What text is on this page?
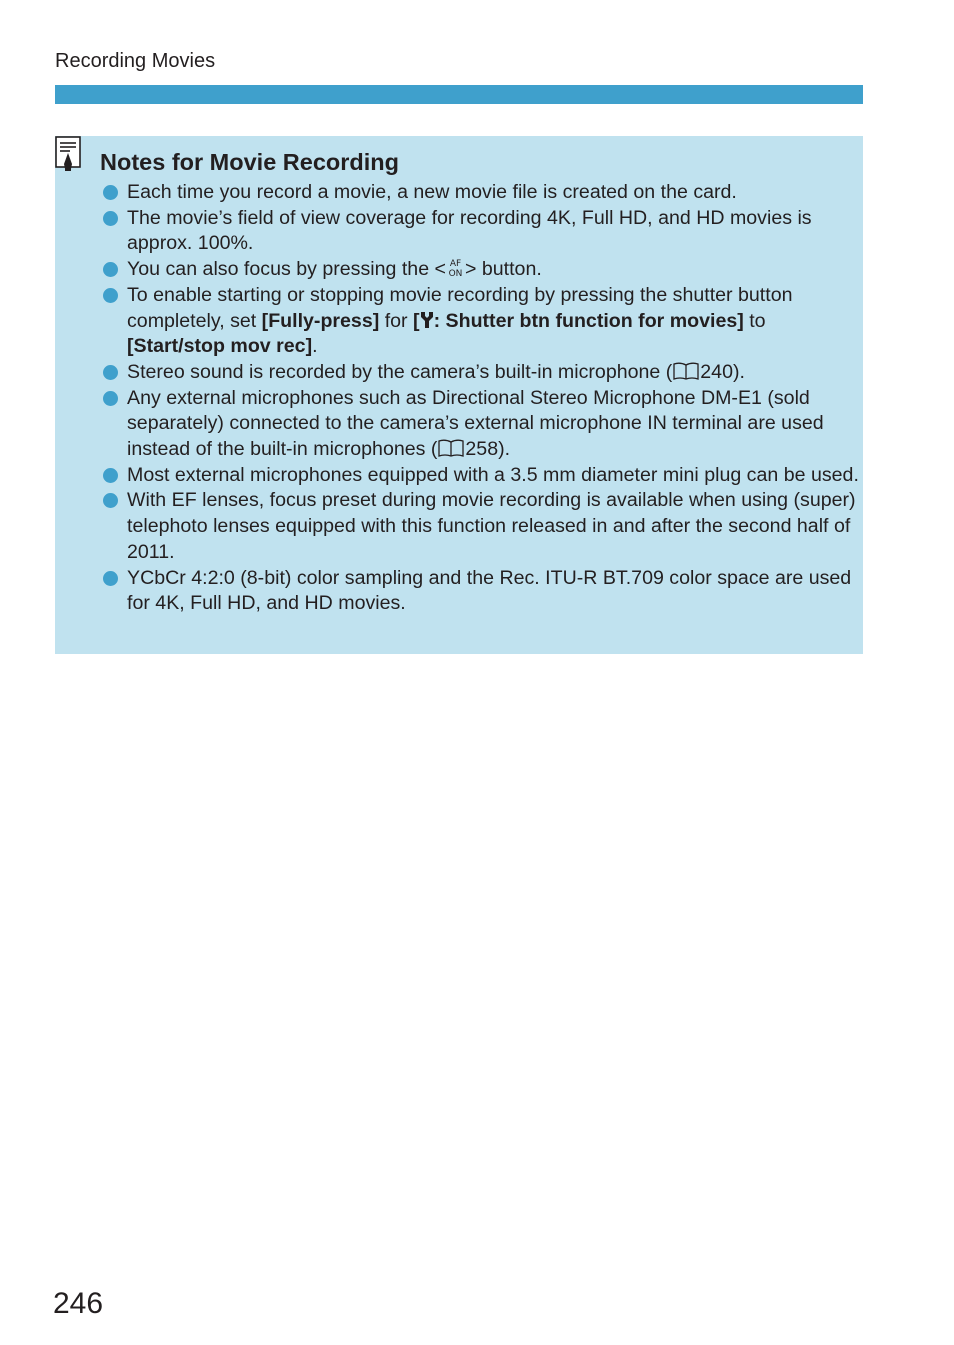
Recording Movies
Notes for Movie Recording
Each time you record a movie, a new movie file is created on the card.
The movie’s field of view coverage for recording 4K, Full HD, and HD movies is approx. 100%.
You can also focus by pressing the < AF
ON > button.
To enable starting or stopping movie recording by pressing the shutter button completely, set [Fully-press] for [ : Shutter btn function for movies] to [Start/stop mov rec].
Stereo sound is recorded by the camera’s built-in microphone ( 240).
Any external microphones such as Directional Stereo Microphone DM-E1 (sold separately) connected to the camera’s external microphone IN terminal are used instead of the built-in microphones ( 258).
Most external microphones equipped with a 3.5 mm diameter mini plug can be used.
With EF lenses, focus preset during movie recording is available when using (super) telephoto lenses equipped with this function released in and after the second half of 2011.
YCbCr 4:2:0 (8-bit) color sampling and the Rec. ITU-R BT.709 color space are used for 4K, Full HD, and HD movies.
246
